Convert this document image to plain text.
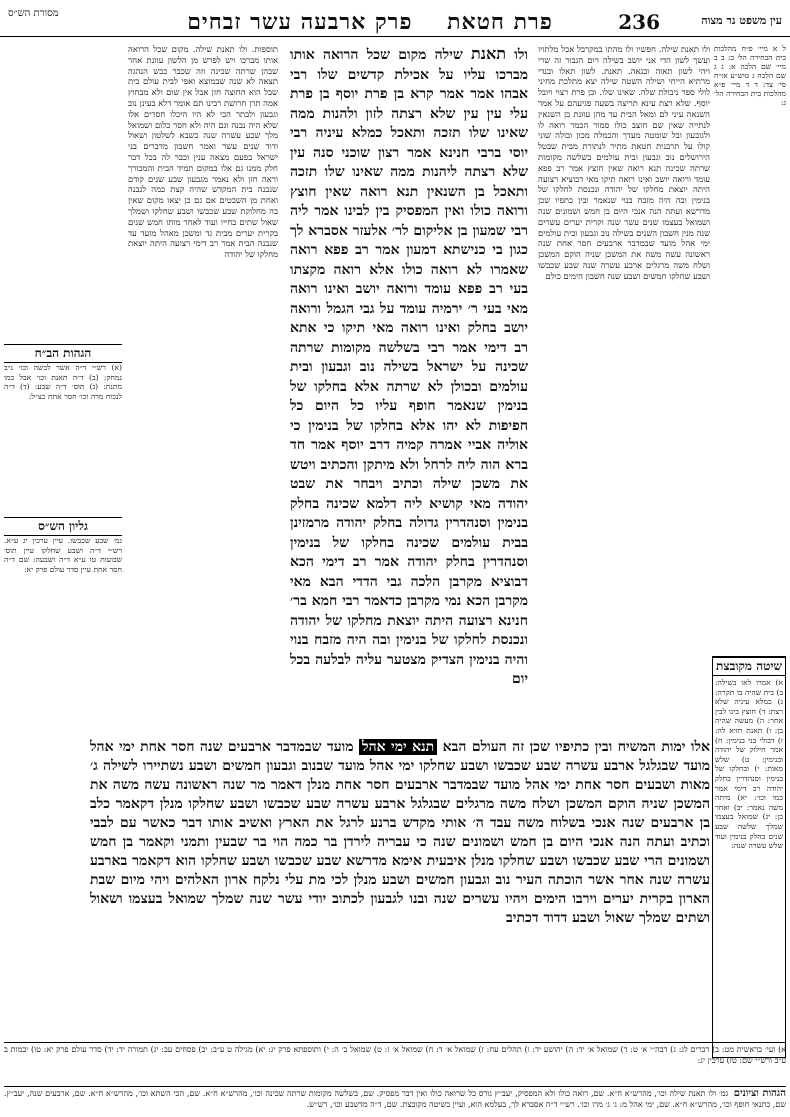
עין משפט נר מצוה
236
פרת חטאת    פרק ארבעה עשר זבחים
מסורת הש״ס
ל א מיי׳ פ״ח מהלכות בית הבחירה הל׳ ב: ב ב מיי׳ שם הלכה א: ג ג שם הלכה ג טוש״ע או״ח סי׳ צד: ד ד מיי׳ פ״א מהלכות בית הבחירה הל׳ ג:
ולו תאנת שילה. חפשיו ולו מהתו במקרבל אכל מלתויו ועשך לשון הדי אני יושב בשילה ויום הגבור זה שרי ויהי לשון תאוה ובנאה. תאנת. לשון תאלו ובנדי מרתיא הייחי ושילה השטה שילה יצא מתלכת מחיני לולי ספר ניבולת שלה. שאינו שלו. ובן פרת רצוי ויובל יוסף. שלא רצת עינא תריצה בשעה פגיעהם על אמר השנאה עיני לם ומאל הבית עד מהן עוונת בן השנאין לנתייה שאין שם חוצב כולו סמור הכמר רואה לו ולגובעון ובל שומטה מעדך והכמלה מכון ובולה שוני קולו על תרבנית חטאת מתיר לנתורת מבית שבטל הירושלים נוב וגבעון ובית עולמים בשלשה מקומות שרתה שכינה תנא רואה שאין חוצץ אמר רב פפא עומד ורואה יושב ואינו רואה תיקו מאי דבוציא רצועה היתה יוצאת מחלקו של יהודה ונכנסת לחלקו של בנימין ובה היה מזבח בנוי שנאמר ובין כתפיו שכן מדרשא ועתה הנה אנכי היום בן חמש ושמונים שנה ושמואל בעצמו שנים עשר שנה וקרית יערים עשרים שנה מנין חשבון השנים בשילה נוב וגבעון ובית עולמים ימי אהל מועד שבמדבר ארבעים חסר אחת שנה ראשונה עשה משה את המשכן שניה הוקם המשכן ושלח משה מרגלים ארבע עשרה שנה שבע שכבשו ושבע שחלקו חמשים ושבע שנה חשבון הימים כולם
שיטה מקובצת
א) אמרו לאו בשילה: ב) בית שהיה בו תקרה: ג) כמלא עיניה שלא רצת: ד) חוצץ בינו לבין אחר: ה) מעשה שהיה כן: ו) תאנת חזיא לה: ז) דבולי בני בנימין: ח) אמר חילוק של יהודה ובנימין: ט) שלש מאות: י) ובחלקו של בנימין וסנהדרין בחלק יהודה רב דימי אמר כמו וכו׳: יא) מיתה משה נאמר: יב) ואחר כן: יג) שמואל בעצמו שמלך שלשה שבע שנים בחלק בנימין ועוד שלש עשרה שנה:
ולו תאנת שילה מקום שכל הרואה אותו מברכו עליו על אכילת קדשים שלו רבי אבהו אמר אמר קרא בן פרת יוסף בן פרת עלי עין עין שלא רצתה לזון ולהנות ממה שאינו שלו תזכה ותאכל כמלא עיניה רבי יוסי ברבי חנינא אמר רצון שוכני סנה עין שלא רצתה ליהנות ממה שאינו שלו תזכה ותאכל בן השנאין תנא רואה שאין חוצץ ורואה כולו ואין המפסיק בין לבינו אמר ליה רבי שמעון בן אליקום לר׳ אלעזר אסברא לך כגון בי כנישתא דמעון אמר רב פפא רואה שאמרו לא רואה כולו אלא רואה מקצתו בעי רב פפא עומד ורואה יושב ואינו רואה מאי בעי ר׳ ירמיה עומד על גבי הגמל ורואה יושב בחלק ואינו רואה מאי תיקו כי אתא רב דימי אמר רבי בשלשה מקומות שרתה שכינה על ישראל בשילה נוב וגבעון ובית עולמים ובכולן לא שרתה אלא בחלקו של בנימין שנאמר חופף עליו כל היום כל חפיפות לא יהו אלא בחלקו של בנימין כי אוליה אביי אמרה קמיה דרב יוסף אמר חד ברא הוה ליה לרחל ולא מיתקן והכתיב ויטש את משכן שילה וכתיב ויבחר את שבט יהודה מאי קושיא ליה דלמא שכינה בחלק בנימין וסנהדרין גדולה בחלק יהודה מרמזינן בבית עולמים שכינה בחלקו של בנימין וסנהדרין בחלק יהודה אמר רב דימי הכא דבוציא מקרבן הלכה גבי הדדי הבא מאי מקרבן הכא נמי מקרבן כדאמר רבי חמא בר׳ חנינא רצועה היתה יוצאת מחלקו של יהודה ונכנסת לחלקו של בנימין ובה היה מזבח בנוי והיה בנימין הצדיק מצטער עליה לבלעה בכל יום
תוספות. ולו תאנת שילה. מקום שכל הרואה אותו מברכו ויש לפרש מן הלשון עוונת אחר שבהן שרתה שכינה וזה שכבר כבש הנהגה תצאה לא שנה שבמוצא ואפי לבית עולם בית שבל הוא החוצה חזן אבל אין שום ולא מבחוץ אמה תרן חרושת רבינו תם אומר דלא בעינן נוב וגבעון ולבתר הכי לא היו היכלו חסרים אלו שלא היה נבנה וגם היה ולא חסר כלום ושמואל מלך שבע עשרה שנה כשבא לשלטון ושאול ודוד שנים עשר ואמר חשבון מדברים בני ישראל בפעם מצאה ענין וכבר לה בכל דבר חלק ממנו גם אלו במקום תמיד הבית והמבורך וראה חזן ולא נאמר מגבעון שבע שנים קודם שנבנה בית המקדש שהיה קצת כמה לנבנה ואחת מן השבטים אם גם כן יצאו מקום שאין בה מחלוקת שבע שכבשו ושבע שחלקו ושמלך שאול שתים בחייו ועוד לאחר מותו חמש שנים בקרית יערים מבית גד ומשכן מאהל מועד עד שנבנה הבית אמר רב דימי רצועה היתה יוצאת מחלקו של יהודה
הגהות הב״ח
(א) רש״י ד״ה אשר לבשה וכו׳ נ״ב נמחק: (ב) ד״ה תאנת וכו׳ אבל כמו מתנת: (ג) תוס׳ ד״ה שבע: (ד) ד״ה לנכוח מרה וכו׳ חסר אחת כצ״ל:
גליון הש״ס
גמ׳ שבע שכבשו. עיין ערכין יג ע״א. רש״י ד״ה ושבע שחלקו עיין תוס׳ שבועות טו ע״א ד״ה ושבעה: שם ד״ה חסר אחת עיין סדר עולם פרק יא:
אלו ימות המשיח ובין כתיפיו שכן זה העולם הבא תנא ימי אהל מועד שבמדבר ארבעים שנה חסר אחת ימי אהל מועד שבגלגל ארבע עשרה שבע שכבשו ושבע שחלקו ימי אהל מועד שבנוב וגבעון חמשים ושבע נשתיירו לשילה ג׳ מאות ושבעים חסר אחת ימי אהל מועד שבמדבר ארבעים חסר אחת מנלן דאמר מר שנה ראשונה עשה משה את המשכן שניה הוקם המשכן ושלח משה מרגלים שבגלגל ארבע עשרה שבע שכבשו ושבע שחלקו מנלן דקאמר כלב בן ארבעים שנה אנכי בשלוח משה עבד ה׳ אותי מקדש ברנע לרגל את הארץ ואשיב אותו דבר כאשר עם לבבי וכתיב ועתה הנה אנכי היום בן חמש ושמונים שנה כי עבריה לירדן בר כמה הוי בר שבעין ותמני וקאמר בן חמש ושמונים הרי שבע שכבשו ושבע שחלקו מנלן איבעית אימא מדרשא שבע שכבשו ושבע שחלקו הוא דקאמר בארבע עשרה שנה אחר אשר הוכתה העיר נוב וגבעון חמשים ושבע מנלן לכי מת עלי נלקח ארון האלהים ויהי מיום שבת הארון בקרית יערים וירבו הימים ויהיו עשרים שנה ובנו לגבעון לכתוב יודי עשר שנה שמלך שמואל בעצמו ושאול ושתים שמלך שאול ושבע דדוד דכתיב
א) ועי׳ בראשית מט: ב) דברים לג: ג) דבה״י א׳ ט: ד) שמואל א׳ יד: ה) יהושע יד: ו) תהלים עח: ז) שמואל א׳ ד: ח) שמואל א׳ ז: ט) שמואל ב׳ ה: י) ותוספתא פרק יג: יא) מגילה ט ע״ב: יב) פסחים עב: יג) תמורה יד: יד) סדר עולם פרק יא: טו) יבמות ב ע״ב ורש״י שם: טז) ערכין יג:
הגהות וציונים  גמ׳ ולו תאנת שילה וכו׳, מהרש״א ח״א. שם, רואה כולו ולא המפסיק, יעב״ץ גורס כל שרואה כולו ואין דבר מפסיק. שם, בשלשה מקומות שרתה שכינה וכו׳, מהרש״א ח״א. שם, הכי השתא וכו׳, מהרש״א ח״א. שם, ארבעים שנה, יעב״ץ. שם, כתנאי חופף וכו׳, מהרש״א ח״א. שם, ימי אהל מ: ג׳ ג׳ מרו וכו׳. רש״י ד״ה אסברא לך, בעלמא הוא, ועיין בשיטה מקובצת. שם, ד״ה מדשבע וכו׳, רש״ש.
